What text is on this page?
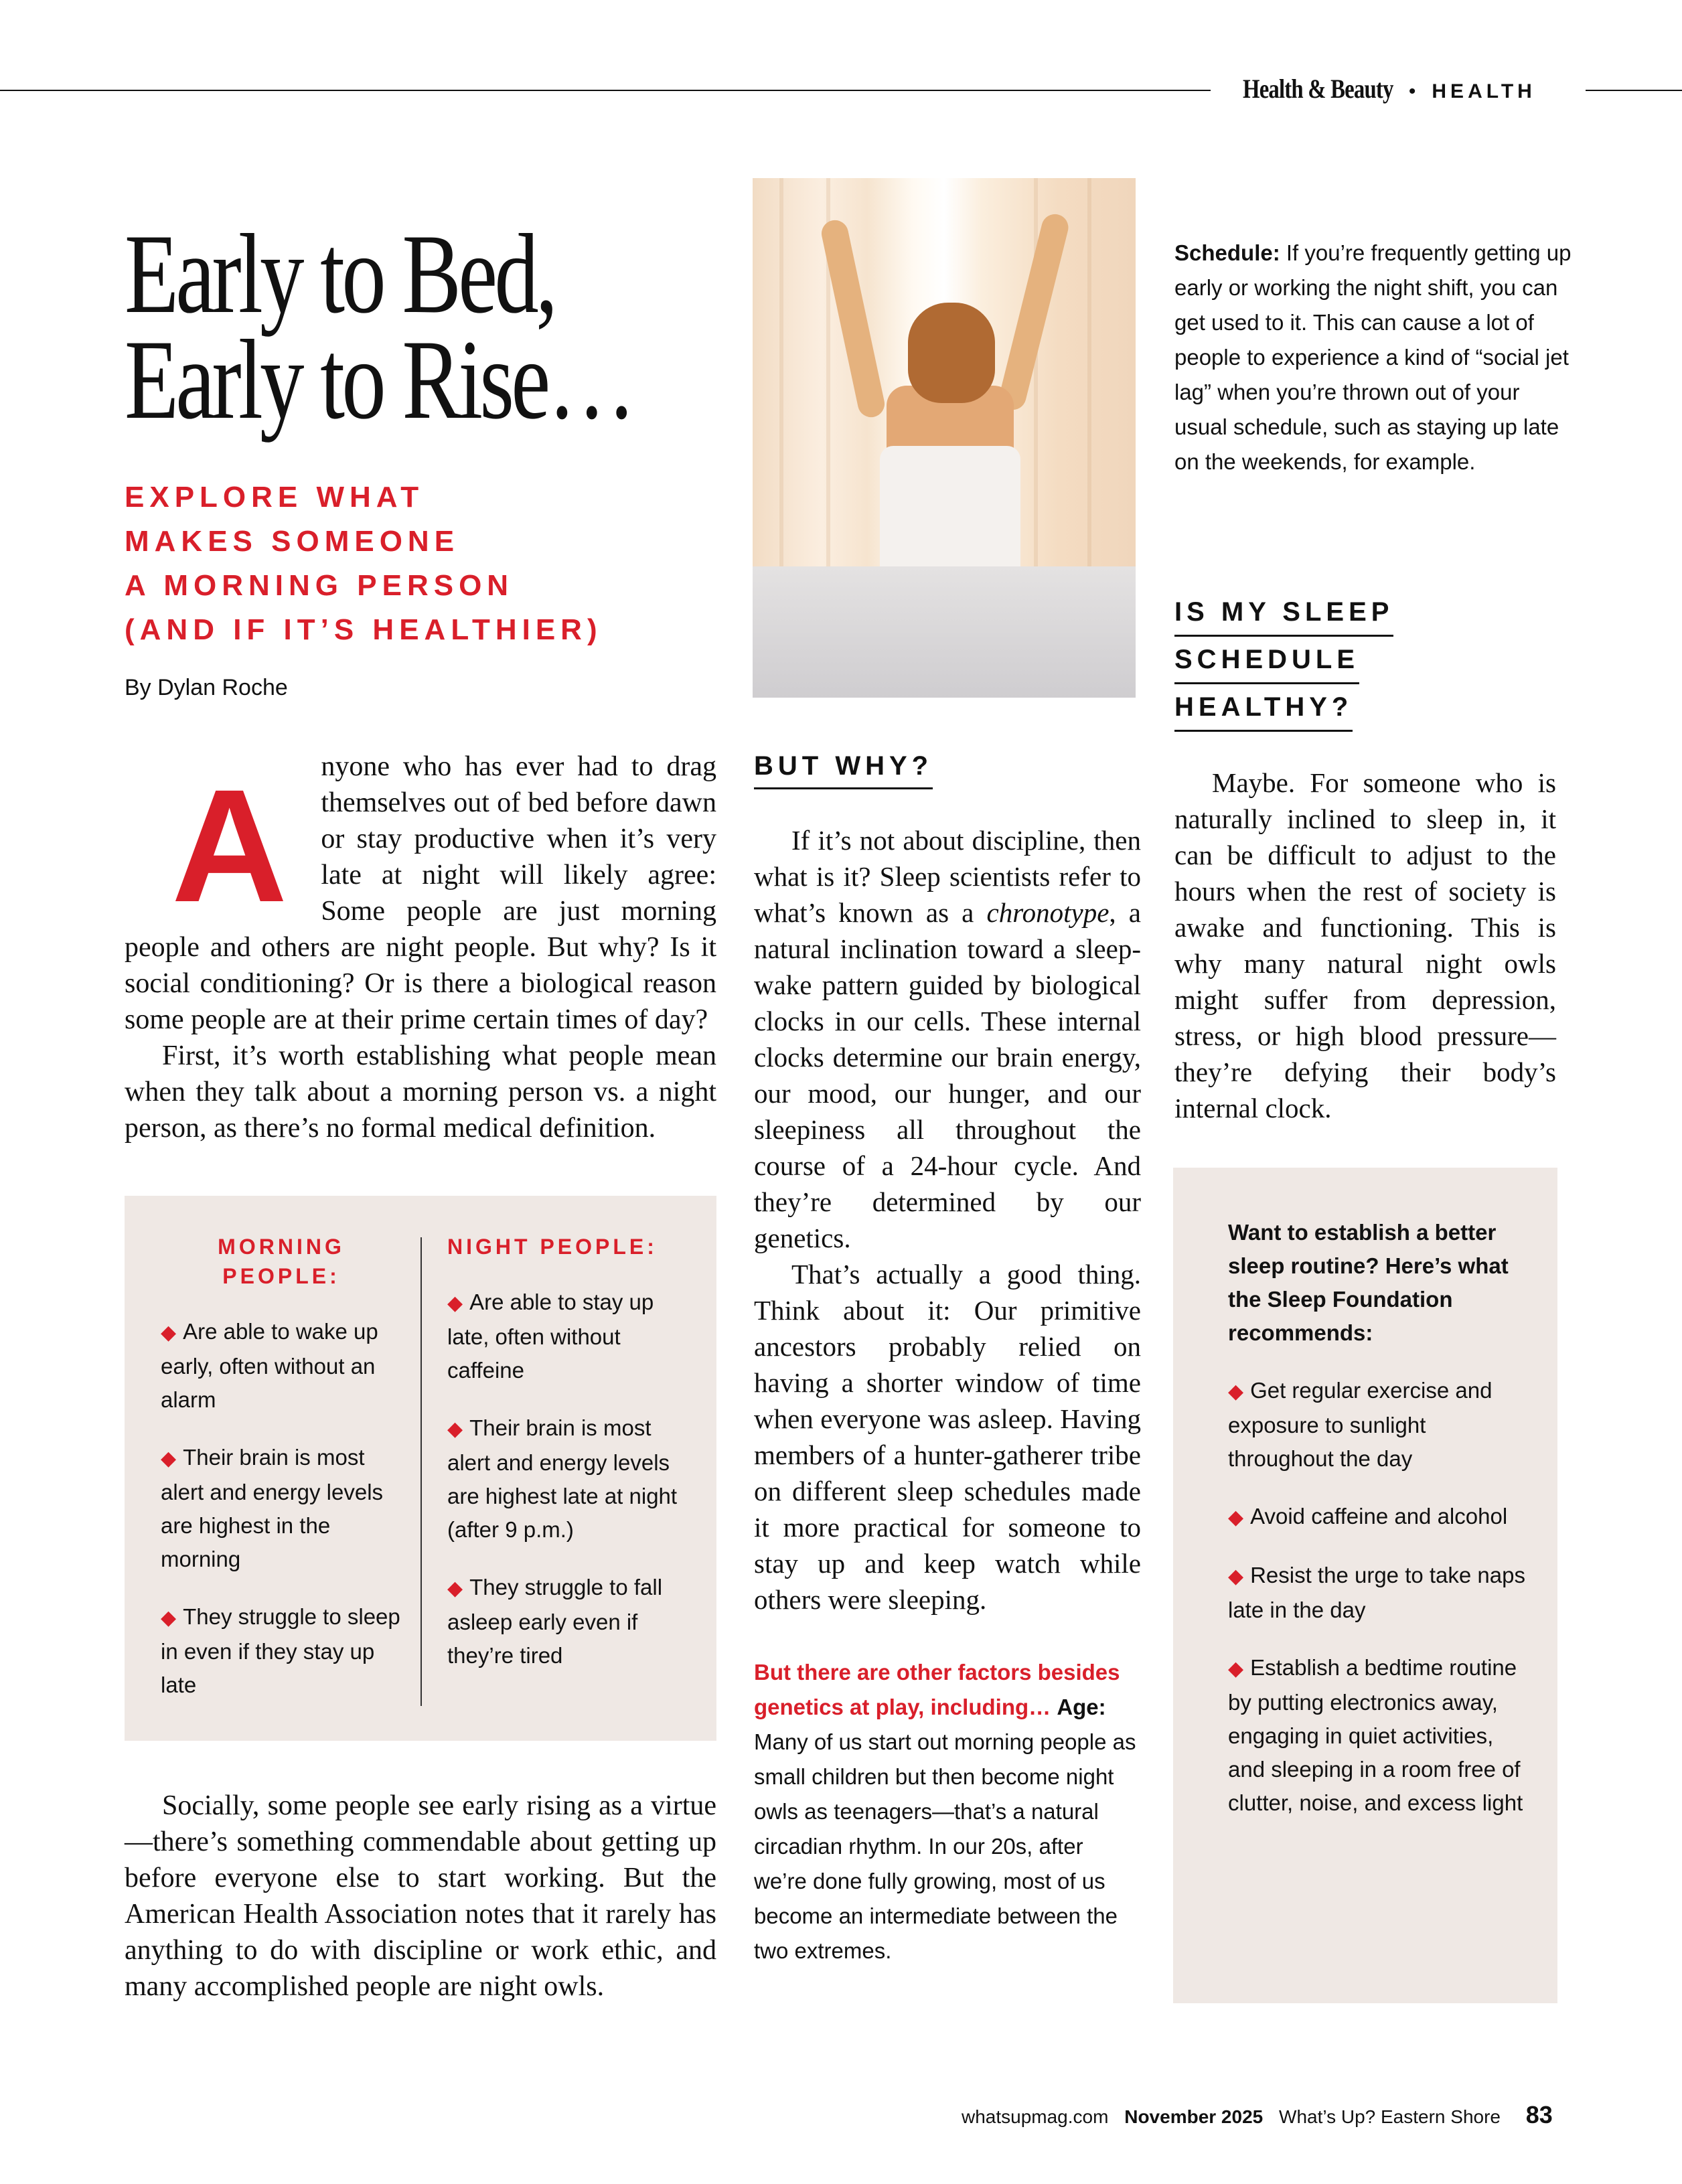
Health & Beauty • HEALTH
Early to Bed,
Early to Rise…
EXPLORE WHAT
MAKES SOMEONE
A MORNING PERSON
(AND IF IT’S HEALTHIER)
By Dylan Roche

A nyone who has ever had to drag themselves out of bed before dawn or stay productive when it’s very late at night will likely agree: Some people are just morning people and others are night people. But why? Is it social conditioning? Or is there a biological reason some people are at their prime certain times of day?

First, it’s worth establishing what people mean when they talk about a morning person vs. a night person, as there’s no formal medical definition.

MORNING PEOPLE:
◆ Are able to wake up early, often without an alarm
◆ Their brain is most alert and energy levels are highest in the morning
◆ They struggle to sleep in even if they stay up late
NIGHT PEOPLE:
◆ Are able to stay up late, often without caffeine
◆ Their brain is most alert and energy levels are highest late at night (after 9 p.m.)
◆ They struggle to fall asleep early even if they’re tired

Socially, some people see early rising as a virtue—there’s something commendable about getting up before everyone else to start working. But the American Health Association notes that it rarely has anything to do with discipline or work ethic, and many accomplished people are night owls.

BUT WHY?

If it’s not about discipline, then what is it? Sleep scientists refer to what’s known as a chronotype, a natural inclination toward a sleep-wake pattern guided by biological clocks in our cells. These internal clocks determine our brain energy, our mood, our hunger, and our sleepiness all throughout the course of a 24-hour cycle. And they’re determined by our genetics.

That’s actually a good thing. Think about it: Our primitive ancestors probably relied on having a shorter window of time when everyone was asleep. Having members of a hunter-gatherer tribe on different sleep schedules made it more practical for someone to stay up and keep watch while others were sleeping.

But there are other factors besides genetics at play, including… Age: Many of us start out morning people as small children but then become night owls as teenagers—that’s a natural circadian rhythm. In our 20s, after we’re done fully growing, most of us become an intermediate between the two extremes.
Schedule: If you’re frequently getting up early or working the night shift, you can get used to it. This can cause a lot of people to experience a kind of “social jet lag” when you’re thrown out of your usual schedule, such as staying up late on the weekends, for example.
IS MY SLEEP
SCHEDULE
HEALTHY?

Maybe. For someone who is naturally inclined to sleep in, it can be difficult to adjust to the hours when the rest of society is awake and functioning. This is why many natural night owls might suffer from depression, stress, or high blood pressure—they’re defying their body’s internal clock.

Want to establish a better sleep routine? Here’s what the Sleep Foundation recommends:

◆ Get regular exercise and exposure to sunlight throughout the day
◆ Avoid caffeine and alcohol
◆ Resist the urge to take naps late in the day
◆ Establish a bedtime routine by putting electronics away, engaging in quiet activities, and sleeping in a room free of clutter, noise, and excess light
whatsupmag.com November 2025 What’s Up? Eastern Shore 83
